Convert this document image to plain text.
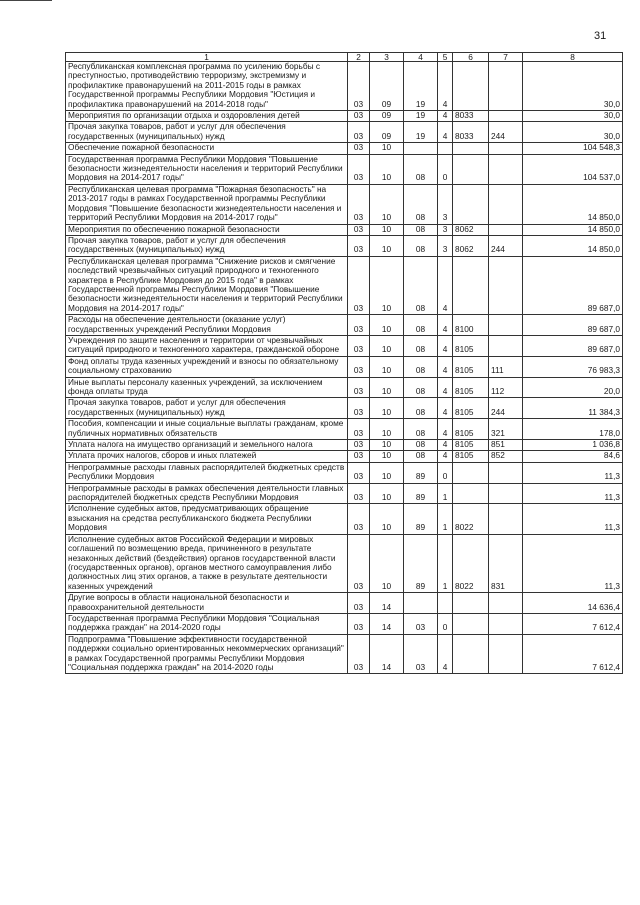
31
1	2	3	4	5	6	7	8
Республиканская комплексная программа по усилению борьбы с преступностью, противодействию терроризму, экстремизму и профилактике правонарушений на 2011-2015 годы в рамках Государственной программы Республики Мордовия "Юстиция и профилактика правонарушений на 2014-2018 годы"	03	09	19	4			30,0
Мероприятия по организации отдыха и оздоровления детей	03	09	19	4	8033		30,0
Прочая закупка товаров, работ и услуг для обеспечения государственных (муниципальных) нужд	03	09	19	4	8033	244	30,0
Обеспечение пожарной безопасности	03	10					104 548,3
Государственная программа Республики Мордовия "Повышение безопасности жизнедеятельности населения и территорий Республики Мордовия на 2014-2017 годы"	03	10	08	0			104 537,0
Республиканская целевая программа "Пожарная безопасность" на 2013-2017 годы в рамках Государственной программы Республики Мордовия "Повышение безопасности жизнедеятельности населения и территорий Республики Мордовия на 2014-2017 годы"	03	10	08	3			14 850,0
Мероприятия по обеспечению пожарной безопасности	03	10	08	3	8062		14 850,0
Прочая закупка товаров, работ и услуг для обеспечения государственных (муниципальных) нужд	03	10	08	3	8062	244	14 850,0
Республиканская целевая программа "Снижение рисков и смягчение последствий чрезвычайных ситуаций природного и техногенного характера в Республике Мордовия до 2015 года" в рамках Государственной программы Республики Мордовия "Повышение безопасности жизнедеятельности населения и территорий Республики Мордовия на 2014-2017 годы"	03	10	08	4			89 687,0
Расходы на обеспечение деятельности (оказание услуг) государственных учреждений Республики Мордовия	03	10	08	4	8100		89 687,0
Учреждения по защите населения и территории от чрезвычайных ситуаций природного и техногенного характера, гражданской обороне	03	10	08	4	8105		89 687,0
Фонд оплаты труда казенных учреждений и взносы по обязательному социальному страхованию	03	10	08	4	8105	111	76 983,3
Иные выплаты персоналу казенных учреждений, за исключением фонда оплаты труда	03	10	08	4	8105	112	20,0
Прочая закупка товаров, работ и услуг для обеспечения государственных (муниципальных) нужд	03	10	08	4	8105	244	11 384,3
Пособия, компенсации и иные социальные выплаты гражданам, кроме публичных нормативных обязательств	03	10	08	4	8105	321	178,0
Уплата налога на имущество организаций и земельного налога	03	10	08	4	8105	851	1 036,8
Уплата прочих налогов, сборов и иных платежей	03	10	08	4	8105	852	84,6
Непрограммные расходы главных распорядителей бюджетных средств Республики Мордовия	03	10	89	0			11,3
Непрограммные расходы в рамках обеспечения деятельности главных распорядителей бюджетных средств Республики Мордовия	03	10	89	1			11,3
Исполнение судебных актов, предусматривающих обращение взыскания на средства республиканского бюджета Республики Мордовия	03	10	89	1	8022		11,3
Исполнение судебных актов Российской Федерации и мировых соглашений по возмещению вреда, причиненного в результате незаконных действий (бездействия) органов государственной власти (государственных органов), органов местного самоуправления либо должностных лиц этих органов, а также в результате деятельности казенных учреждений	03	10	89	1	8022	831	11,3
Другие вопросы в области национальной безопасности и правоохранительной деятельности	03	14					14 636,4
Государственная программа Республики Мордовия "Социальная поддержка граждан" на 2014-2020 годы	03	14	03	0			7 612,4
Подпрограмма "Повышение эффективности государственной поддержки социально ориентированных некоммерческих организаций" в рамках Государственной программы Республики Мордовия "Социальная поддержка граждан" на 2014-2020 годы	03	14	03	4			7 612,4
